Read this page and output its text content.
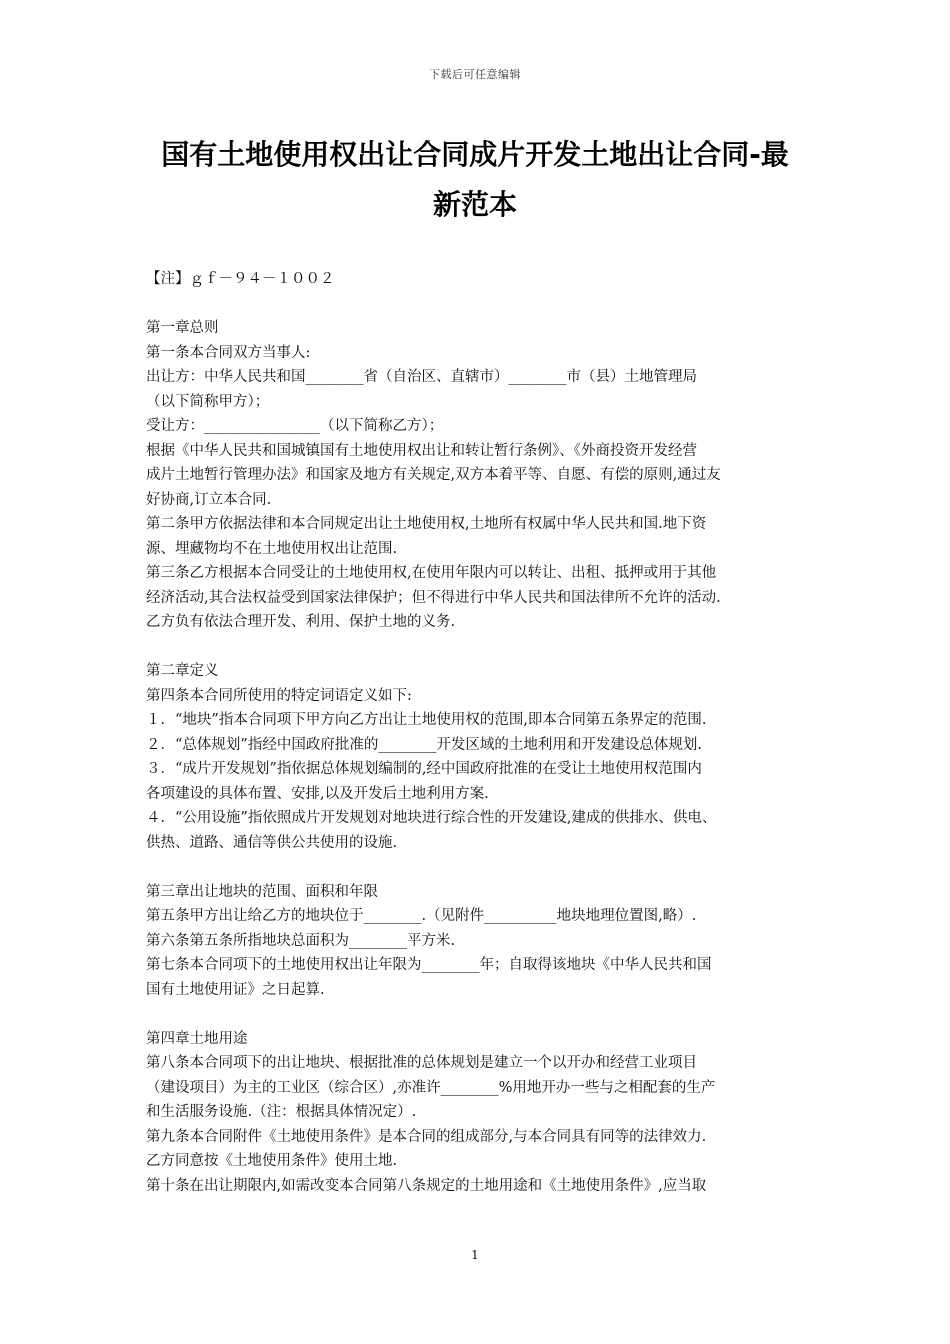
下载后可任意编辑
国有土地使用权出让合同成片开发土地出让合同-最
新范本
【注】ｇｆ－９４－１００２
第一章总则
第一条本合同双方当事人:
出让方：中华人民共和国________省（自治区、直辖市）________市（县）土地管理局
（以下简称甲方）；
受让方：________________（以下简称乙方）；
根据《中华人民共和国城镇国有土地使用权出让和转让暂行条例》、《外商投资开发经营
成片土地暂行管理办法》和国家及地方有关规定,双方本着平等、自愿、有偿的原则,通过友
好协商,订立本合同.
第二条甲方依据法律和本合同规定出让土地使用权,土地所有权属中华人民共和国.地下资
源、埋藏物均不在土地使用权出让范围.
第三条乙方根据本合同受让的土地使用权,在使用年限内可以转让、出租、抵押或用于其他
经济活动,其合法权益受到国家法律保护；但不得进行中华人民共和国法律所不允许的活动.
乙方负有依法合理开发、利用、保护土地的义务.
第二章定义
第四条本合同所使用的特定词语定义如下:
１．“地块”指本合同项下甲方向乙方出让土地使用权的范围,即本合同第五条界定的范围.
２．“总体规划”指经中国政府批准的________开发区域的土地利用和开发建设总体规划.
３．“成片开发规划”指依据总体规划编制的,经中国政府批准的在受让土地使用权范围内
各项建设的具体布置、安排,以及开发后土地利用方案.
４．“公用设施”指依照成片开发规划对地块进行综合性的开发建设,建成的供排水、供电、
供热、道路、通信等供公共使用的设施.
第三章出让地块的范围、面积和年限
第五条甲方出让给乙方的地块位于________.（见附件__________地块地理位置图,略）.
第六条第五条所指地块总面积为________平方米.
第七条本合同项下的土地使用权出让年限为________年；自取得该地块《中华人民共和国
国有土地使用证》之日起算.
第四章土地用途
第八条本合同项下的出让地块、根据批准的总体规划是建立一个以开办和经营工业项目
（建设项目）为主的工业区（综合区）,亦准许________%用地开办一些与之相配套的生产
和生活服务设施.（注：根据具体情况定）.
第九条本合同附件《土地使用条件》是本合同的组成部分,与本合同具有同等的法律效力.
乙方同意按《土地使用条件》使用土地.
第十条在出让期限内,如需改变本合同第八条规定的土地用途和《土地使用条件》,应当取
1
